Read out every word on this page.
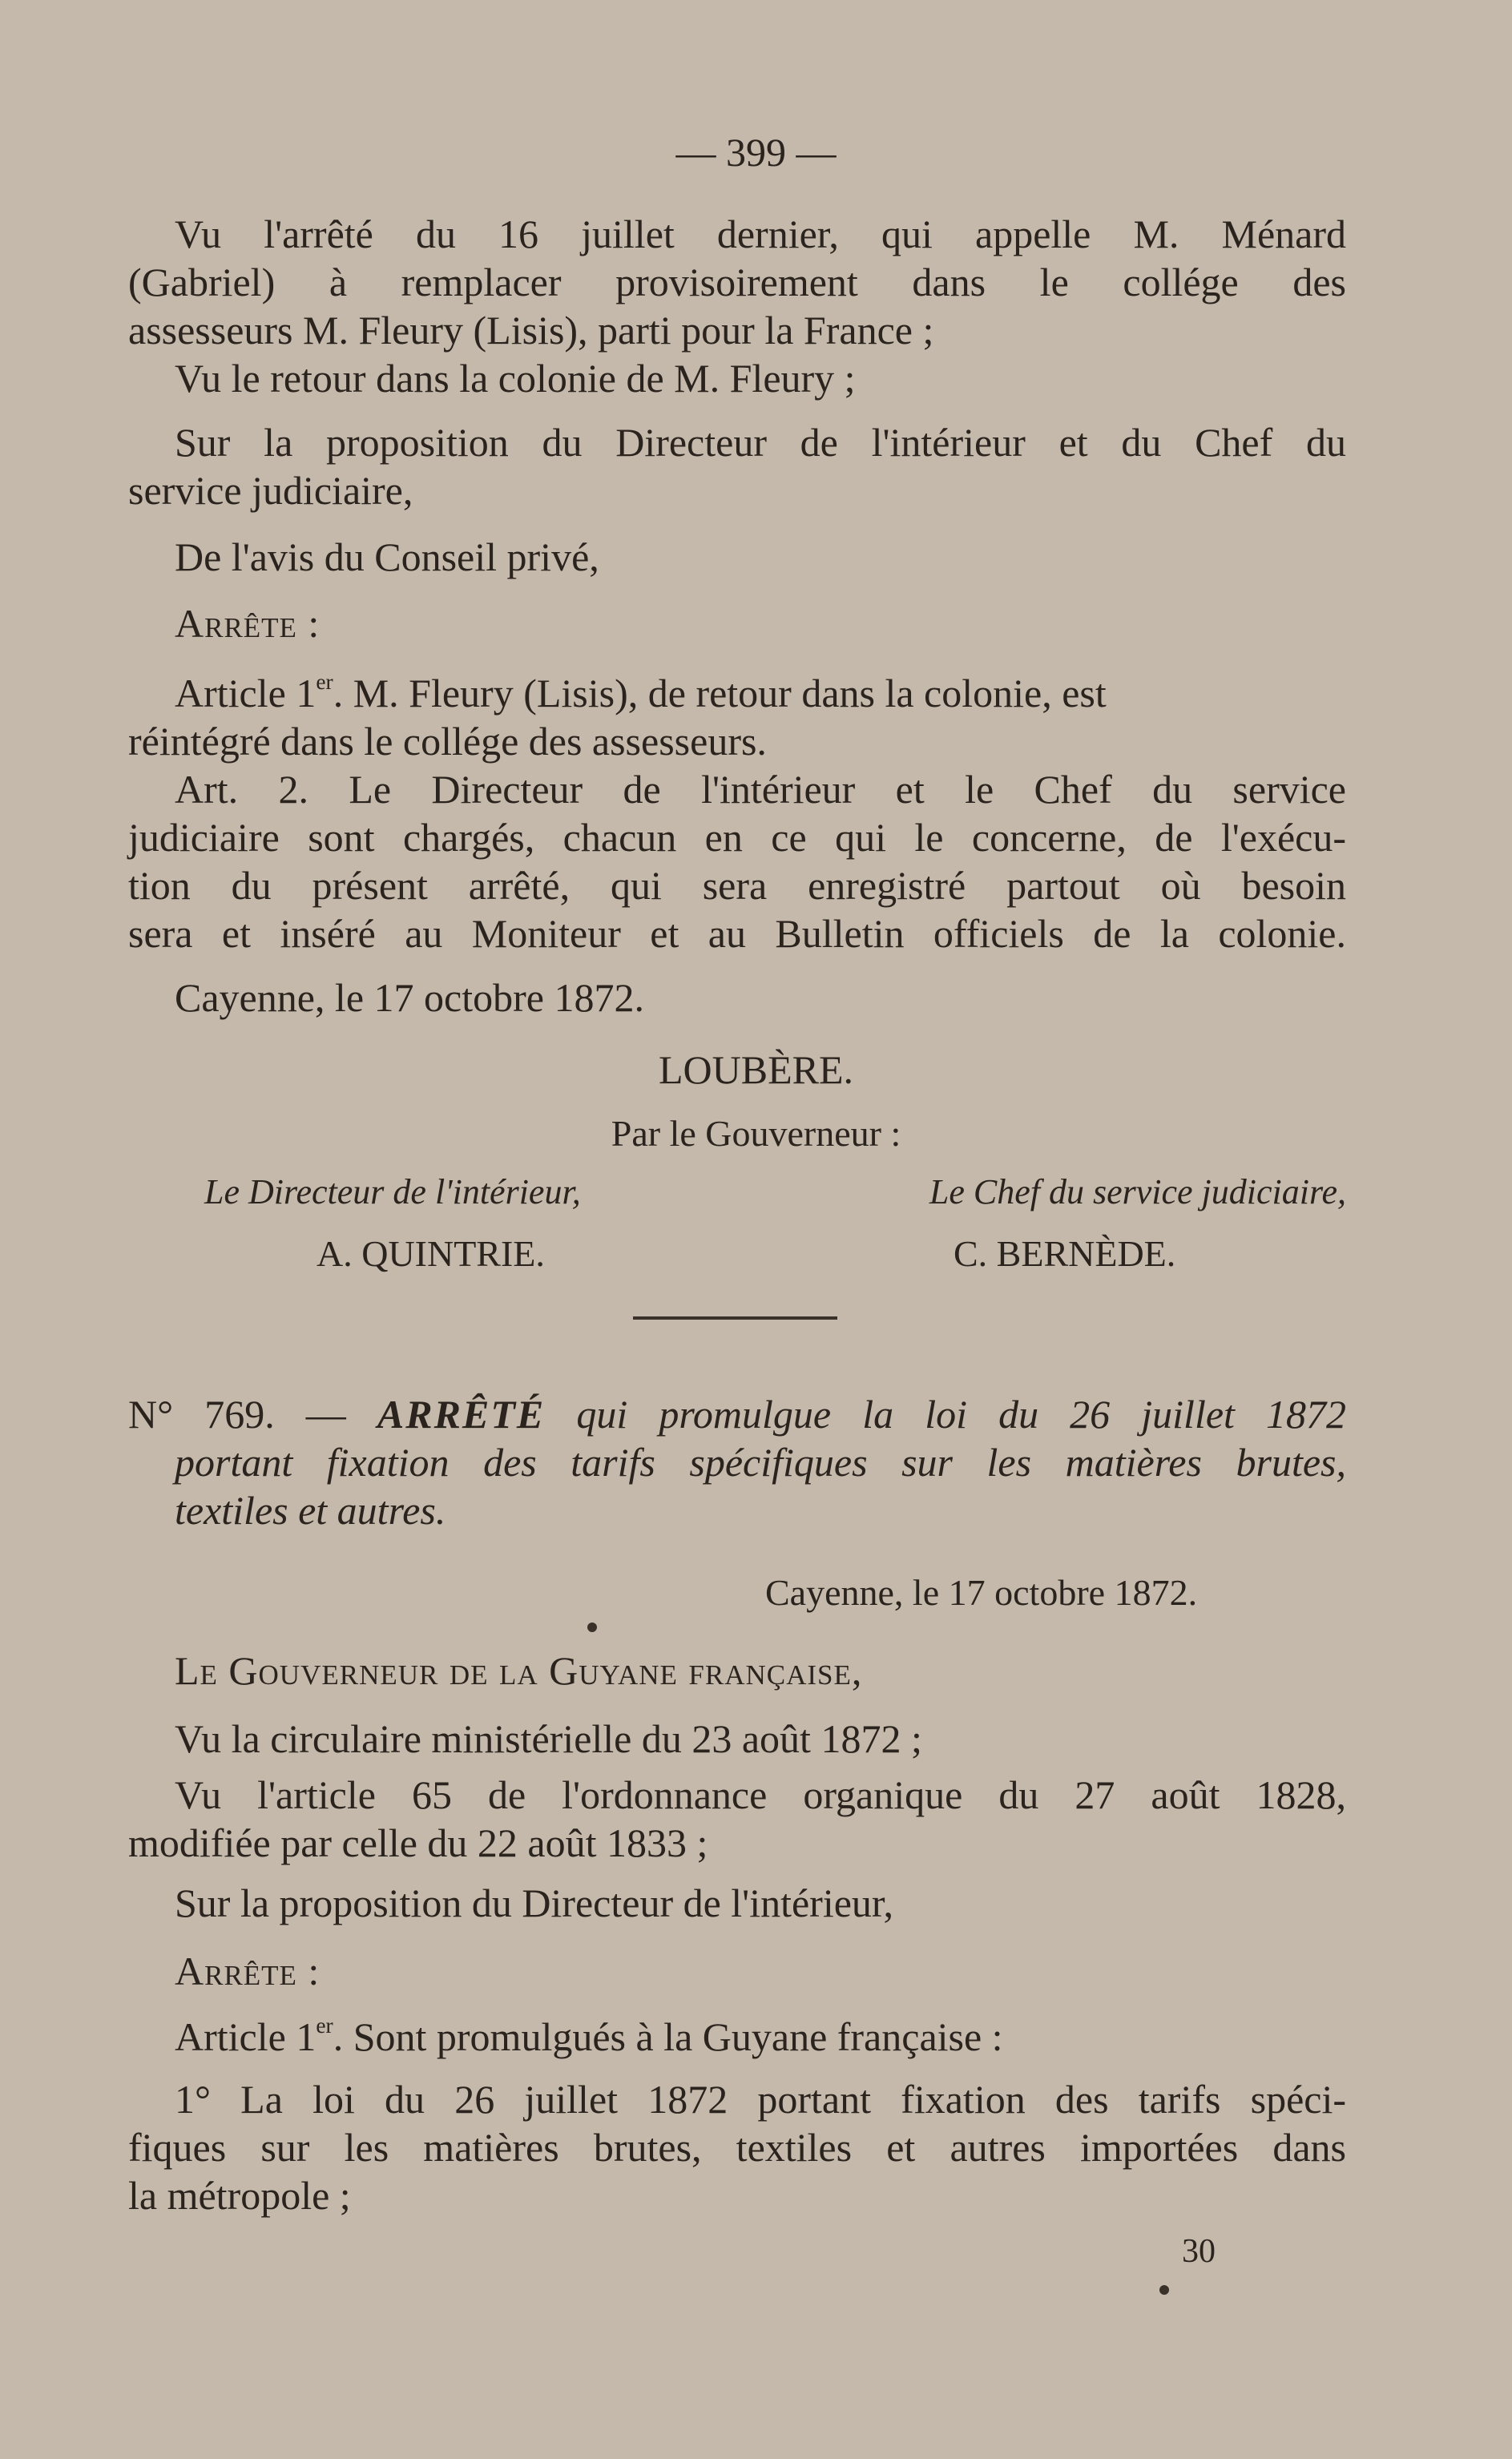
— 399 —
Vu l'arrêté du 16 juillet dernier, qui appelle M. Ménard
(Gabriel) à remplacer provisoirement dans le collége des
assesseurs M. Fleury (Lisis), parti pour la France ;
Vu le retour dans la colonie de M. Fleury ;
Sur la proposition du Directeur de l'intérieur et du Chef du
service judiciaire,
De l'avis du Conseil privé,
Arrête :
Article 1er. M. Fleury (Lisis), de retour dans la colonie, est
réintégré dans le collége des assesseurs.
Art. 2. Le Directeur de l'intérieur et le Chef du service
judiciaire sont chargés, chacun en ce qui le concerne, de l'exécu-
tion du présent arrêté, qui sera enregistré partout où besoin
sera et inséré au Moniteur et au Bulletin officiels de la colonie.
Cayenne, le 17 octobre 1872.
LOUBÈRE.
Par le Gouverneur :
Le Directeur de l'intérieur,	Le Chef du service judiciaire,
A. QUINTRIE.	C. BERNÈDE.
N° 769. — ARRÊTÉ qui promulgue la loi du 26 juillet 1872
portant fixation des tarifs spécifiques sur les matières brutes,
textiles et autres.
Cayenne, le 17 octobre 1872.
Le Gouverneur de la Guyane française,
Vu la circulaire ministérielle du 23 août 1872 ;
Vu l'article 65 de l'ordonnance organique du 27 août 1828,
modifiée par celle du 22 août 1833 ;
Sur la proposition du Directeur de l'intérieur,
Arrête :
Article 1er. Sont promulgués à la Guyane française :
1° La loi du 26 juillet 1872 portant fixation des tarifs spéci-
fiques sur les matières brutes, textiles et autres importées dans
la métropole ;
30
